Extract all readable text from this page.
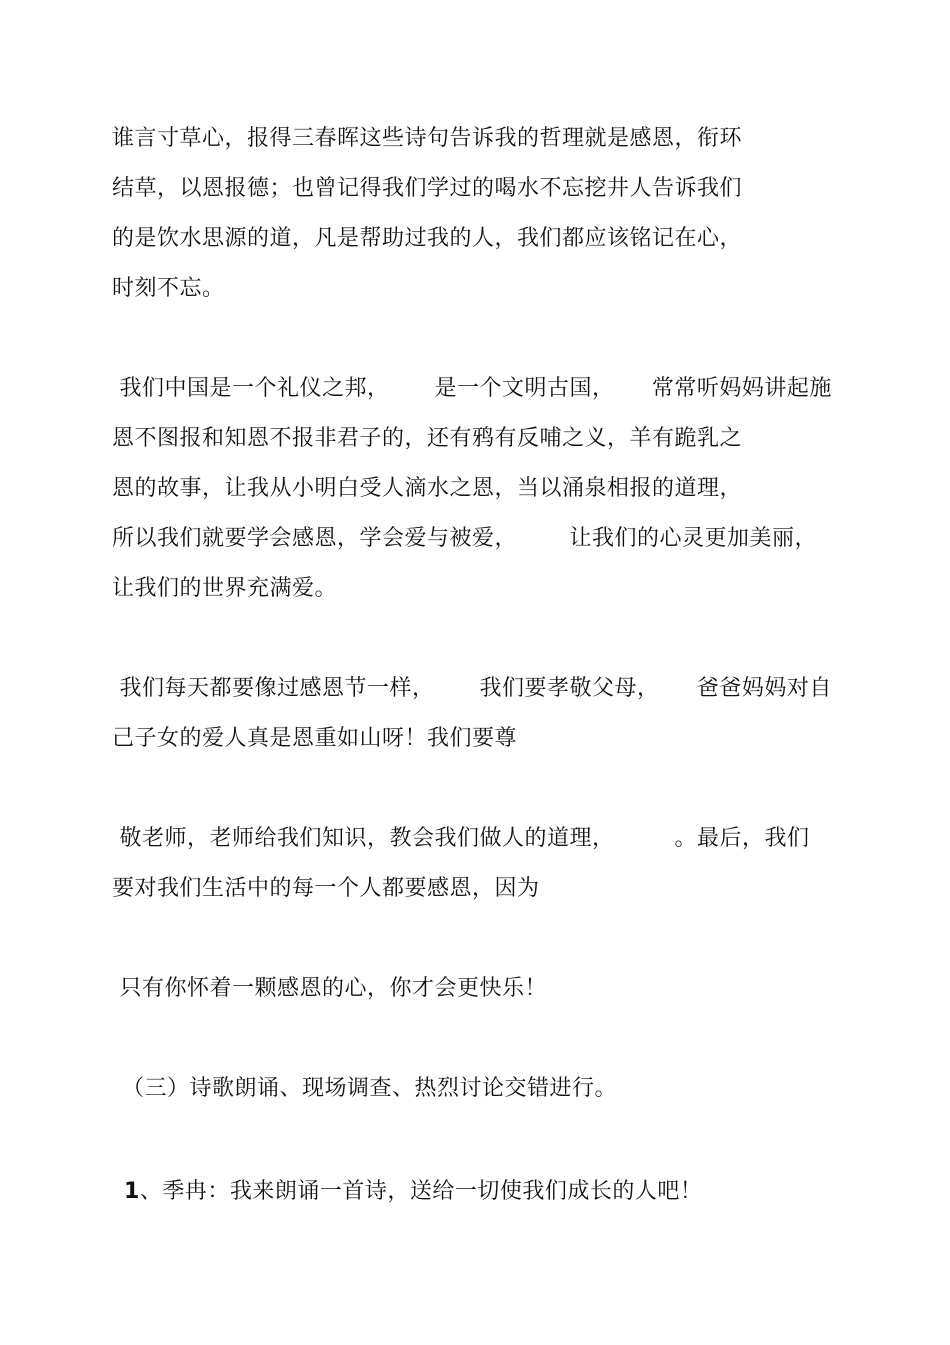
谁言寸草心，报得三春晖这些诗句告诉我的哲理就是感恩，衔环
结草，以恩报德；也曾记得我们学过的喝水不忘挖井人告诉我们
的是饮水思源的道，凡是帮助过我的人，我们都应该铭记在心，
时刻不忘。
我们中国是一个礼仪之邦，      是一个文明古国，     常常听妈妈讲起施
恩不图报和知恩不报非君子的，还有鸦有反哺之义，羊有跪乳之
恩的故事，让我从小明白受人滴水之恩，当以涌泉相报的道理，
所以我们就要学会感恩，学会爱与被爱，       让我们的心灵更加美丽，
让我们的世界充满爱。
我们每天都要像过感恩节一样，      我们要孝敬父母，     爸爸妈妈对自
己子女的爱人真是恩重如山呀！我们要尊
敬老师，老师给我们知识，教会我们做人的道理，        。最后，我们
要对我们生活中的每一个人都要感恩，因为
只有你怀着一颗感恩的心，你才会更快乐！
（三）诗歌朗诵、现场调查、热烈讨论交错进行。
1、季冉：我来朗诵一首诗，送给一切使我们成长的人吧！
